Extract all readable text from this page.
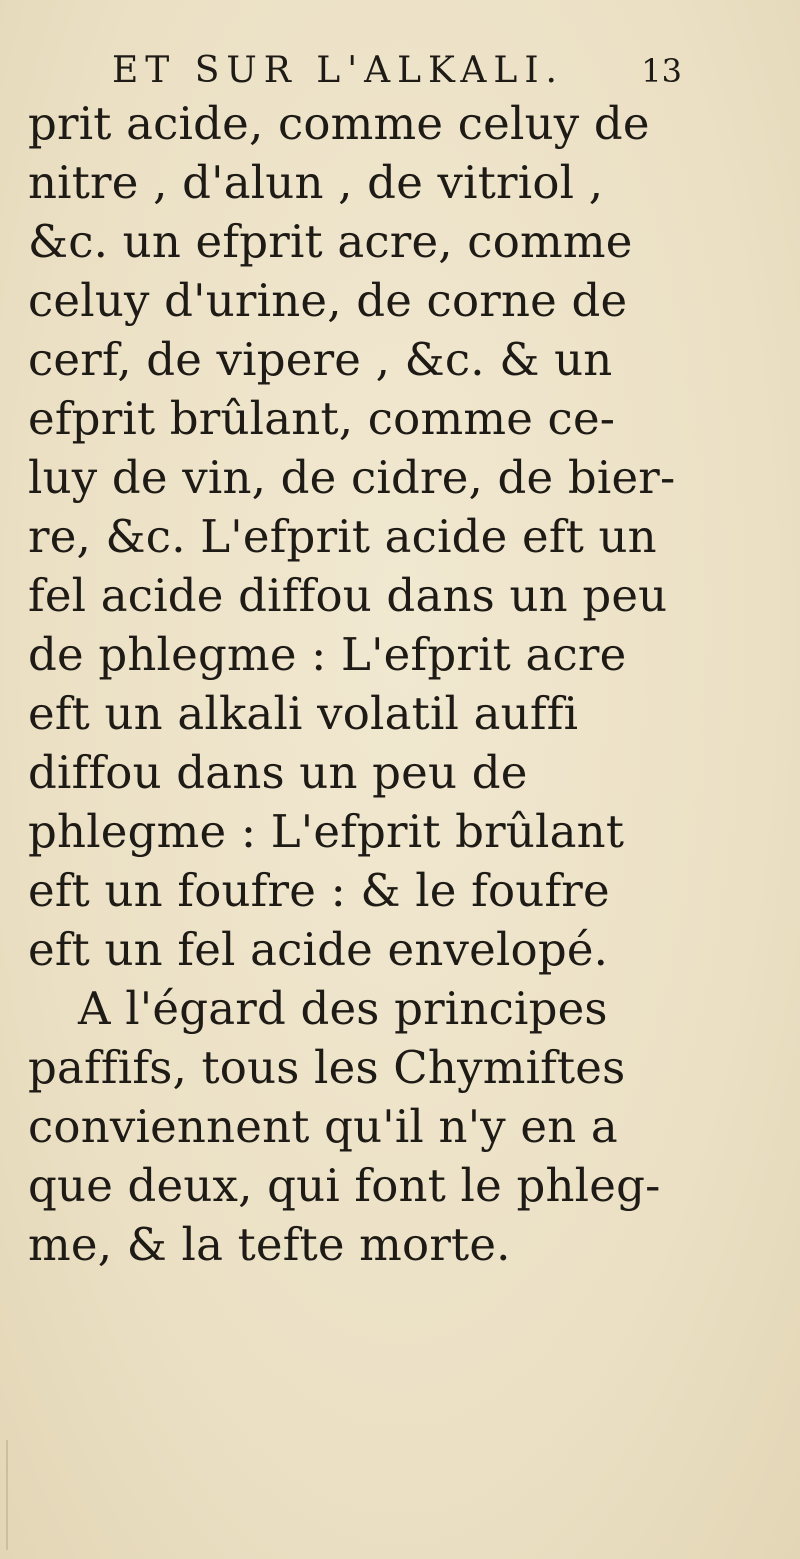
ET SUR L'ALKALI. 13
prit acide, comme celuy de
nitre , d'alun , de vitriol ,
&c. un efprit acre, comme
celuy d'urine, de corne de
cerf, de vipere , &c. & un
efprit brûlant, comme ce-
luy de vin, de cidre, de bier-
re, &c. L'efprit acide eft un
fel acide diffou dans un peu
de phlegme : L'efprit acre
eft un alkali volatil auffi
diffou dans un peu de
phlegme : L'efprit brûlant
eft un foufre : & le foufre
eft un fel acide envelopé.
A l'égard des principes
paffifs, tous les Chymiftes
conviennent qu'il n'y en a
que deux, qui font le phleg-
me, & la tefte morte.
